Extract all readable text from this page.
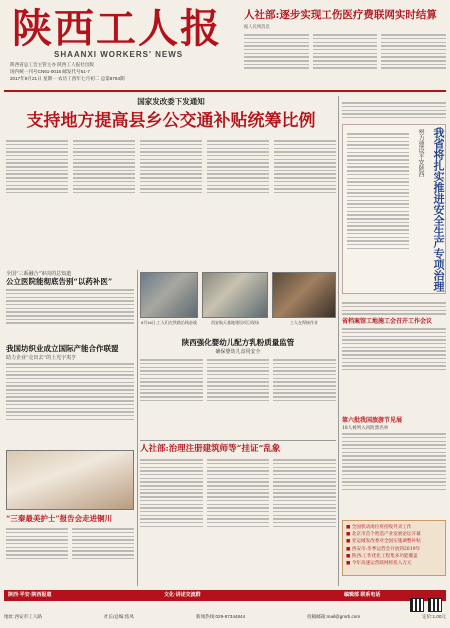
陕西工人报
SHAANXI WORKERS' NEWS
陕西省总工会主管主办 陕西工人报社出版
国内统一刊号CN61-0015 邮发代号51-7
2017年8月21日 星期一 农历丁酉年七月初二 总第8794期
人社部:逐步实现工伤医疗费联网实时结算
据人民网消息
国家发改委下发通知
支持地方提高县乡公交通补贴统筹比例
全国“三系融合”审决的总知道
公立医院能彻底告别“以药补医”
我国坊织业成立国际产能合作联盟
助力企业“走出去”的上光宇夷亨
8月16日,工人们在铁路沿线奋战	西安航天基地建设项目现场	工人在焊接作业
陕西强化婴幼儿配方乳粉质量监管
确保婴幼儿食用安全
人社部:治理注册建筑师等“挂证”乱象
“三秦最美护士”报告会走进铜川
我省将扎实推进安全生产专项治理
努力建设平安陕西
省档案馆工地施工会召开工作会议
第六批我国旅游节见展
18人被列入风险黑名单
■ 全国机动岗位将招收外卖工作
■ 北京市首个智造产业发展论坛开幕
■ 亚运城发改委对全国实施调整补贴
■ 西安市:冬季运营会开放到2019年
■ 陕西:工作优化工程集多功能覆盖
■ 今年高速运营联网将投入万元
陕西·平安·陕西报道	文化·讲述交流群	编辑部 联系电话
地址:西安市工人路	社长/总编:焦凤	新闻热线:029-87344844	投稿邮箱:mail@gmrb.com	定价:1.00元
